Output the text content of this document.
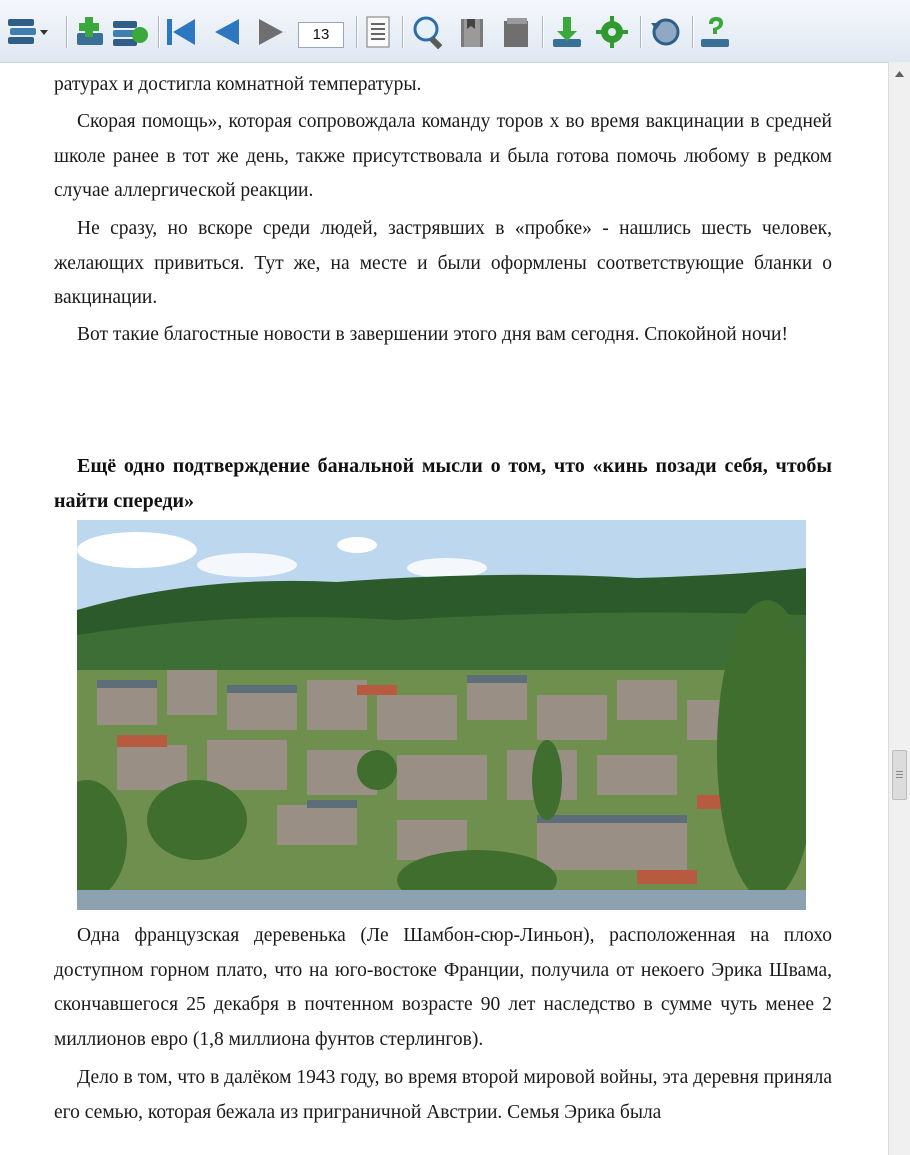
13

ратурах и достигла комнатной температуры.

Скорая помощь», которая сопровождала команду торов х во время вакцинации в средней школе ранее в тот же день, также присутствовала и была готова помочь любому в редком случае аллергической реакции.

Не сразу, но вскоре среди людей, застрявших в «пробке» - нашлись шесть человек, желающих привиться. Тут же, на месте и были оформлены соответствующие бланки о вакцинации.

Вот такие благостные новости в завершении этого дня вам сегодня. Спокойной ночи!

Ещё одно подтверждение банальной мысли о том, что «кинь позади себя, чтобы найти спереди»

Одна французская деревенька (Ле Шамбон-сюр-Линьон), расположенная на плохо доступном горном плато, что на юго-востоке Франции, получила от некоего Эрика Швама, скончавшегося 25 декабря в почтенном возрасте 90 лет наследство в сумме чуть менее 2 миллионов евро (1,8 миллиона фунтов стерлингов).

Дело в том, что в далёком 1943 году, во время второй мировой войны, эта деревня приняла его семью, которая бежала из приграничной Австрии. Семья Эрика была
